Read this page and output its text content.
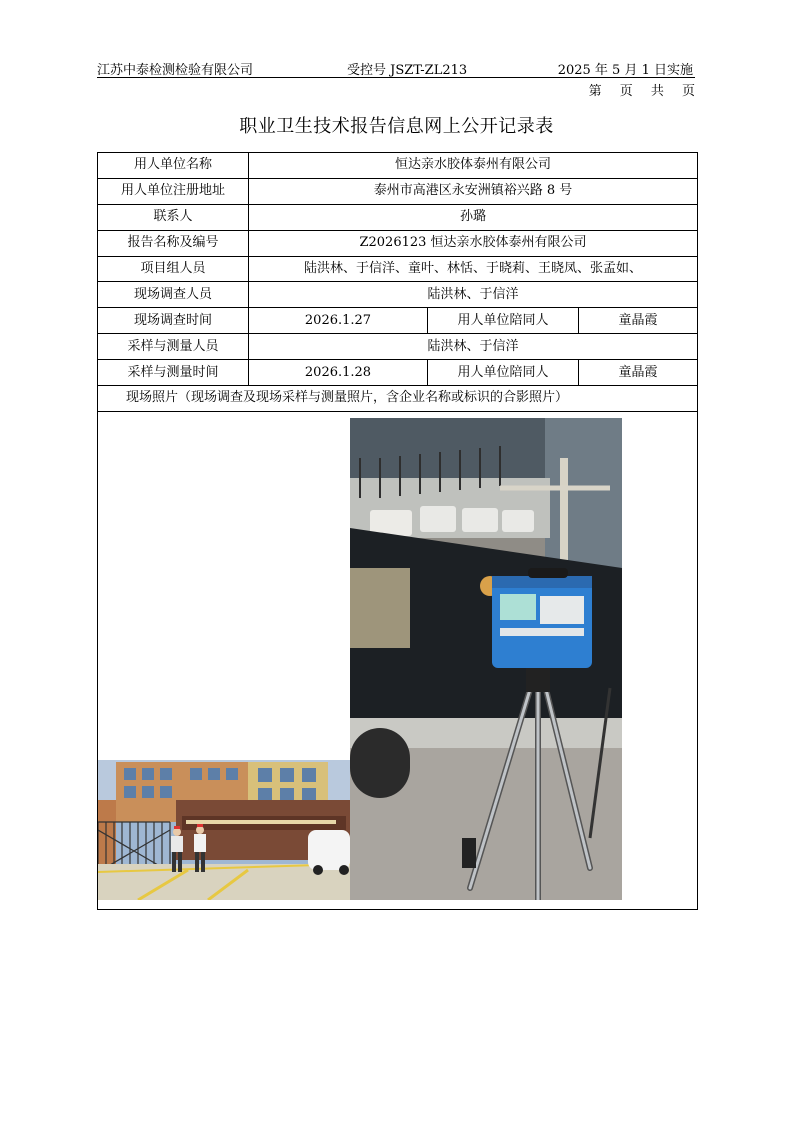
江苏中泰检测检验有限公司	受控号 JSZT-ZL213	2025 年 5 月 1 日实施
第 页 共 页
职业卫生技术报告信息网上公开记录表
用人单位名称	恒达亲水胶体泰州有限公司		
用人单位注册地址	泰州市高港区永安洲镇裕兴路 8 号		
联系人	孙璐		
报告名称及编号	Z2026123 恒达亲水胶体泰州有限公司		
项目组人员	陆洪林、于信洋、童叶、林恬、于晓莉、王晓凤、张孟如、		
现场调查人员	陆洪林、于信洋		
现场调查时间	2026.1.27	用人单位陪同人	童晶霞
采样与测量人员	陆洪林、于信洋		
采样与测量时间	2026.1.28	用人单位陪同人	童晶霞
现场照片（现场调查及现场采样与测量照片，含企业名称或标识的合影照片）			
